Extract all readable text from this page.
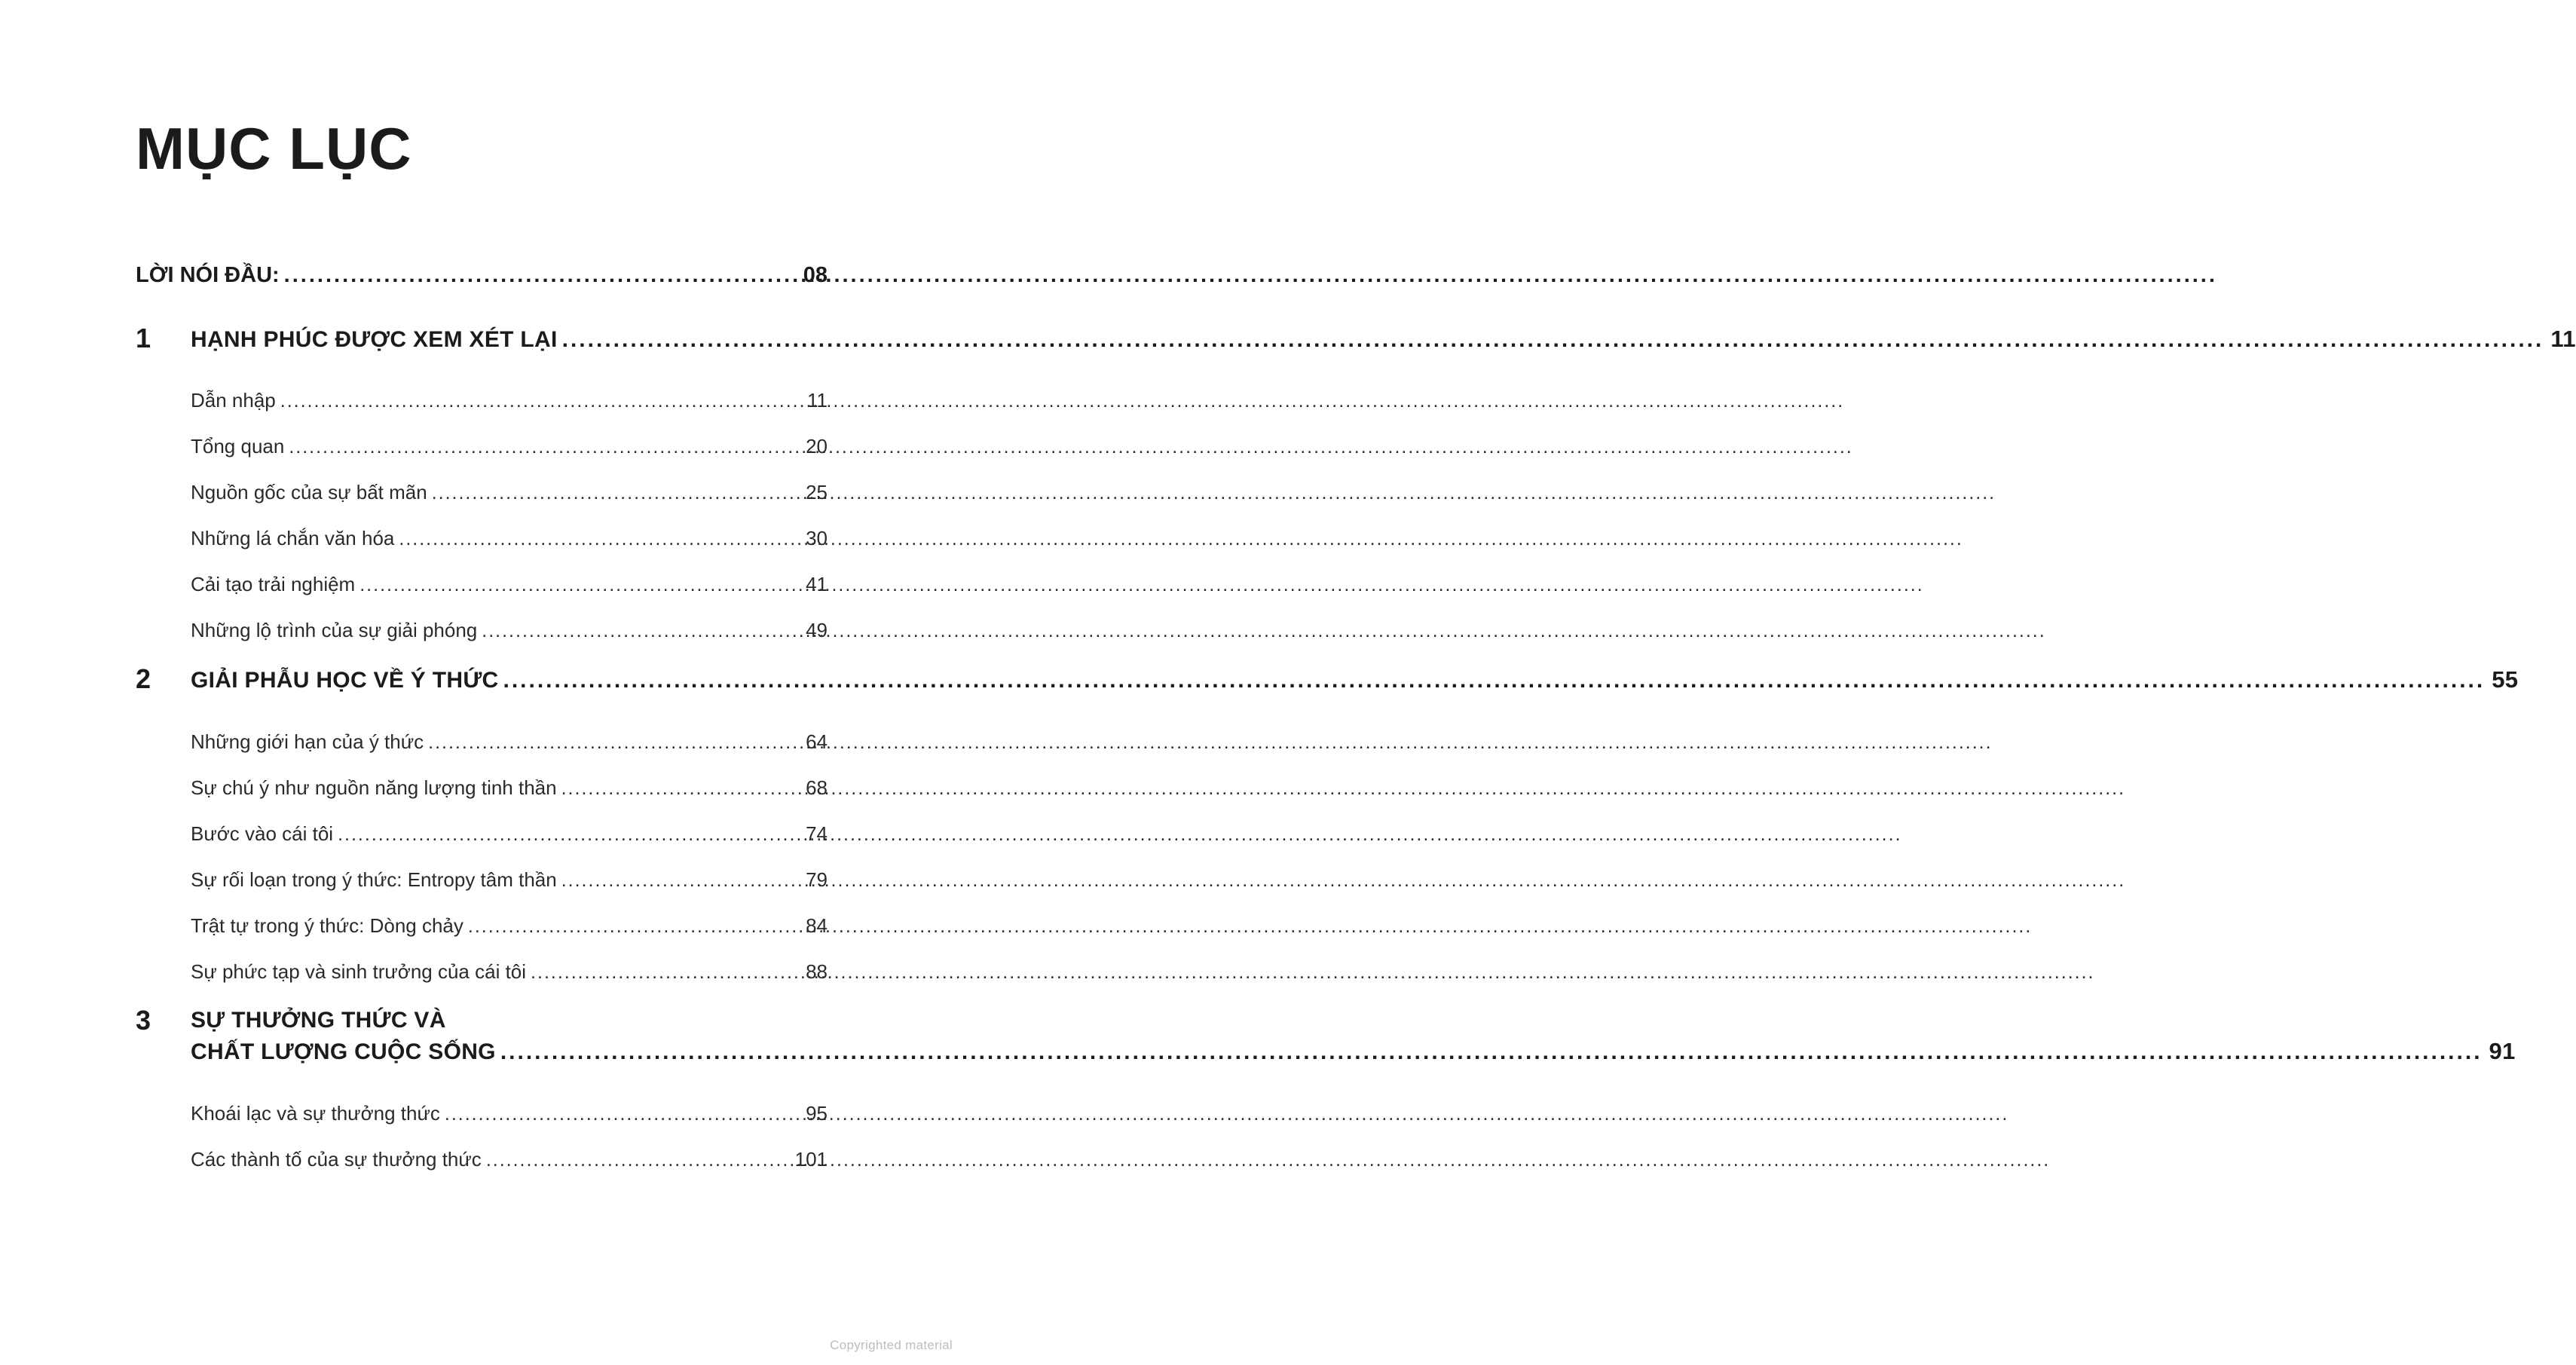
MỤC LỤC
LỜI NÓI ĐẦU: .....	08
1	HẠNH PHÚC ĐƯỢC XEM XÉT LẠI .....	11
Dẫn nhập .....	11
Tổng quan .....	20
Nguồn gốc của sự bất mãn .....	25
Những lá chắn văn hóa .....	30
Cải tạo trải nghiệm .....	41
Những lộ trình của sự giải phóng .....	49
2	GIẢI PHẪU HỌC VỀ Ý THỨC .....	55
Những giới hạn của ý thức .....	64
Sự chú ý như nguồn năng lượng tinh thần .....	68
Bước vào cái tôi .....	74
Sự rối loạn trong ý thức: Entropy tâm thần .....	79
Trật tự trong ý thức: Dòng chảy .....	84
Sự phức tạp và sinh trưởng của cái tôi .....	88
3	SỰ THƯỞNG THỨC VÀ
CHẤT LƯỢNG CUỘC SỐNG .....	91
Khoái lạc và sự thưởng thức .....	95
Các thành tố của sự thưởng thức .....	101
Copyrighted material
